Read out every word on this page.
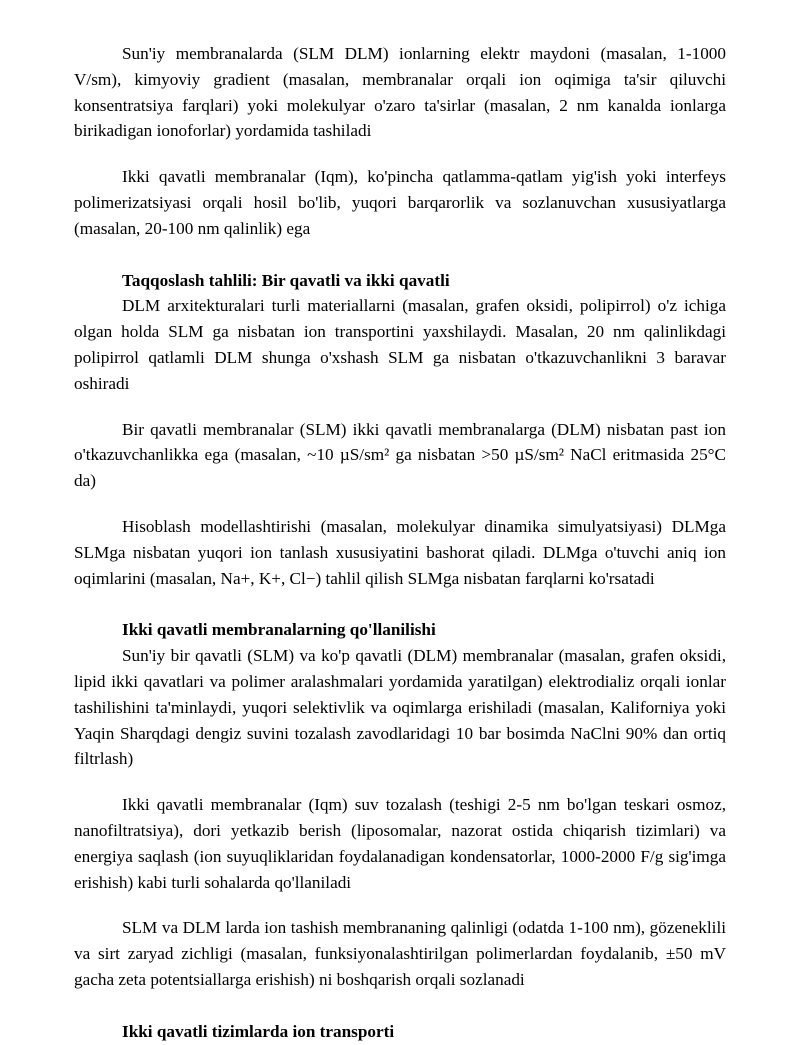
Sun'iy membranalarda (SLM DLM) ionlarning elektr maydoni (masalan, 1-1000 V/sm), kimyoviy gradient (masalan, membranalar orqali ion oqimiga ta'sir qiluvchi konsentratsiya farqlari) yoki molekulyar o'zaro ta'sirlar (masalan, 2 nm kanalda ionlarga birikadigan ionoforlar) yordamida tashiladi

Ikki qavatli membranalar (Iqm), ko'pincha qatlamma-qatlam yig'ish yoki interfeys polimerizatsiyasi orqali hosil bo'lib, yuqori barqarorlik va sozlanuvchan xususiyatlarga (masalan, 20-100 nm qalinlik) ega

Taqqoslash tahlili: Bir qavatli va ikki qavatli

DLM arxitekturalari turli materiallarni (masalan, grafen oksidi, polipirrol) o'z ichiga olgan holda SLM ga nisbatan ion transportini yaxshilaydi. Masalan, 20 nm qalinlikdagi polipirrol qatlamli DLM shunga o'xshash SLM ga nisbatan o'tkazuvchanlikni 3 baravar oshiradi

Bir qavatli membranalar (SLM) ikki qavatli membranalarga (DLM) nisbatan past ion o'tkazuvchanlikka ega (masalan, ~10 µS/sm² ga nisbatan >50 µS/sm² NaCl eritmasida 25°C da)

Hisoblash modellashtirishi (masalan, molekulyar dinamika simulyatsiyasi) DLMga SLMga nisbatan yuqori ion tanlash xususiyatini bashorat qiladi. DLMga o'tuvchi aniq ion oqimlarini (masalan, Na+, K+, Cl−) tahlil qilish SLMga nisbatan farqlarni ko'rsatadi

Ikki qavatli membranalarning qo'llanilishi

Sun'iy bir qavatli (SLM) va ko'p qavatli (DLM) membranalar (masalan, grafen oksidi, lipid ikki qavatlari va polimer aralashmalari yordamida yaratilgan) elektrodializ orqali ionlar tashilishini ta'minlaydi, yuqori selektivlik va oqimlarga erishiladi (masalan, Kaliforniya yoki Yaqin Sharqdagi dengiz suvini tozalash zavodlaridagi 10 bar bosimda NaClni 90% dan ortiq filtrlash)

Ikki qavatli membranalar (Iqm) suv tozalash (teshigi 2-5 nm bo'lgan teskari osmoz, nanofiltratsiya), dori yetkazib berish (liposomalar, nazorat ostida chiqarish tizimlari) va energiya saqlash (ion suyuqliklaridan foydalanadigan kondensatorlar, 1000-2000 F/g sig'imga erishish) kabi turli sohalarda qo'llaniladi

SLM va DLM larda ion tashish membrananing qalinligi (odatda 1-100 nm), gözeneklili va sirt zaryad zichligi (masalan, funksiyonalashtirilgan polimerlardan foydalanib, ±50 mV gacha zeta potentsiallarga erishish) ni boshqarish orqali sozlanadi

Ikki qavatli tizimlarda ion transporti
